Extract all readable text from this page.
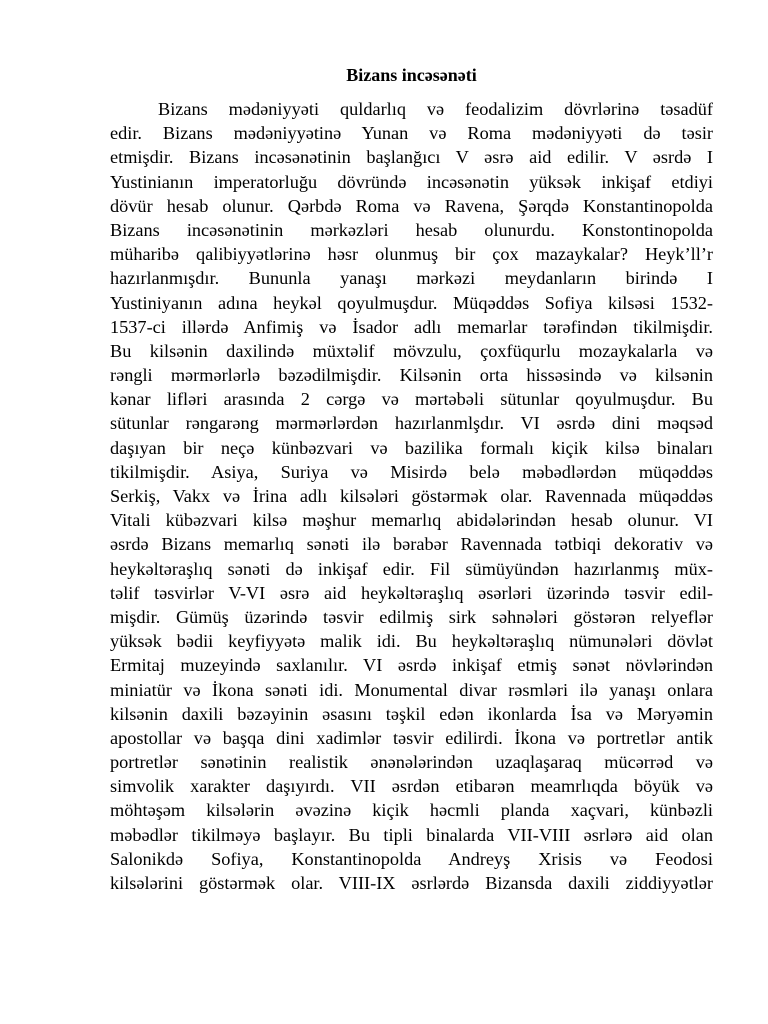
Bizans incəsənəti
Bizans mədəniyyəti quldarlıq və feodalizim dövrlərinə təsadüf
edir. Bizans mədəniyyətinə Yunan və Roma mədəniyyəti də təsir
etmişdir. Bizans incəsənətinin başlanğıcı V əsrə aid edilir. V əsrdə I
Yustinianın imperatorluğu dövründə incəsənətin yüksək inkişaf etdiyi
dövür hesab olunur. Qərbdə Roma və Ravena, Şərqdə Konstantinopolda
Bizans incəsənətinin mərkəzləri hesab olunurdu. Konstontinopolda
müharibə qalibiyyətlərinə həsr olunmuş bir çox mazaykalar? Heyk’ll’r
hazırlanmışdır. Bununla yanaşı mərkəzi meydanların birində I
Yustiniyanın adına heykəl qoyulmuşdur. Müqəddəs Sofiya kilsəsi 1532-
1537-ci illərdə Anfimiş və İsador adlı memarlar tərəfindən tikilmişdir.
Bu kilsənin daxilində müxtəlif mövzulu, çoxfüqurlu mozaykalarla və
rəngli mərmərlərlə bəzədilmişdir. Kilsənin orta hissəsində və kilsənin
kənar lifləri arasında 2 cərgə və mərtəbəli sütunlar qoyulmuşdur. Bu
sütunlar rəngarəng mərmərlərdən hazırlanmlşdır. VI əsrdə dini məqsəd
daşıyan bir neçə künbəzvari və bazilika formalı kiçik kilsə binaları
tikilmişdir. Asiya, Suriya və Misirdə belə məbədlərdən müqəddəs
Serkiş, Vakx və İrina adlı kilsələri göstərmək olar. Ravennada müqəddəs
Vitali kübəzvari kilsə məşhur memarlıq abidələrindən hesab olunur. VI
əsrdə Bizans memarlıq sənəti ilə bərabər Ravennada tətbiqi dekorativ və
heykəltəraşlıq sənəti də inkişaf edir. Fil sümüyündən hazırlanmış müx-
təlif təsvirlər V-VI əsrə aid heykəltəraşlıq əsərləri üzərində təsvir edil-
mişdir. Gümüş üzərində təsvir edilmiş sirk səhnələri göstərən relyeflər
yüksək bədii keyfiyyətə malik idi. Bu heykəltəraşlıq nümunələri dövlət
Ermitaj muzeyində saxlanılır. VI əsrdə inkişaf etmiş sənət növlərindən
miniatür və İkona sənəti idi. Monumental divar rəsmləri ilə yanaşı onlara
kilsənin daxili bəzəyinin əsasını təşkil edən ikonlarda İsa və Məryəmin
apostollar və başqa dini xadimlər təsvir edilirdi. İkona və portretlər antik
portretlər sənətinin realistik ənənələrindən uzaqlaşaraq mücərrəd və
simvolik xarakter daşıyırdı. VII əsrdən etibarən meamrlıqda böyük və
möhtəşəm kilsələrin əvəzinə kiçik həcmli planda xaçvari, künbəzli
məbədlər tikilməyə başlayır. Bu tipli binalarda VII-VIII əsrlərə aid olan
Salonikdə Sofiya, Konstantinopolda Andreyş Xrisis və Feodosi
kilsələrini göstərmək olar. VIII-IX əsrlərdə Bizansda daxili ziddiyyətlər
